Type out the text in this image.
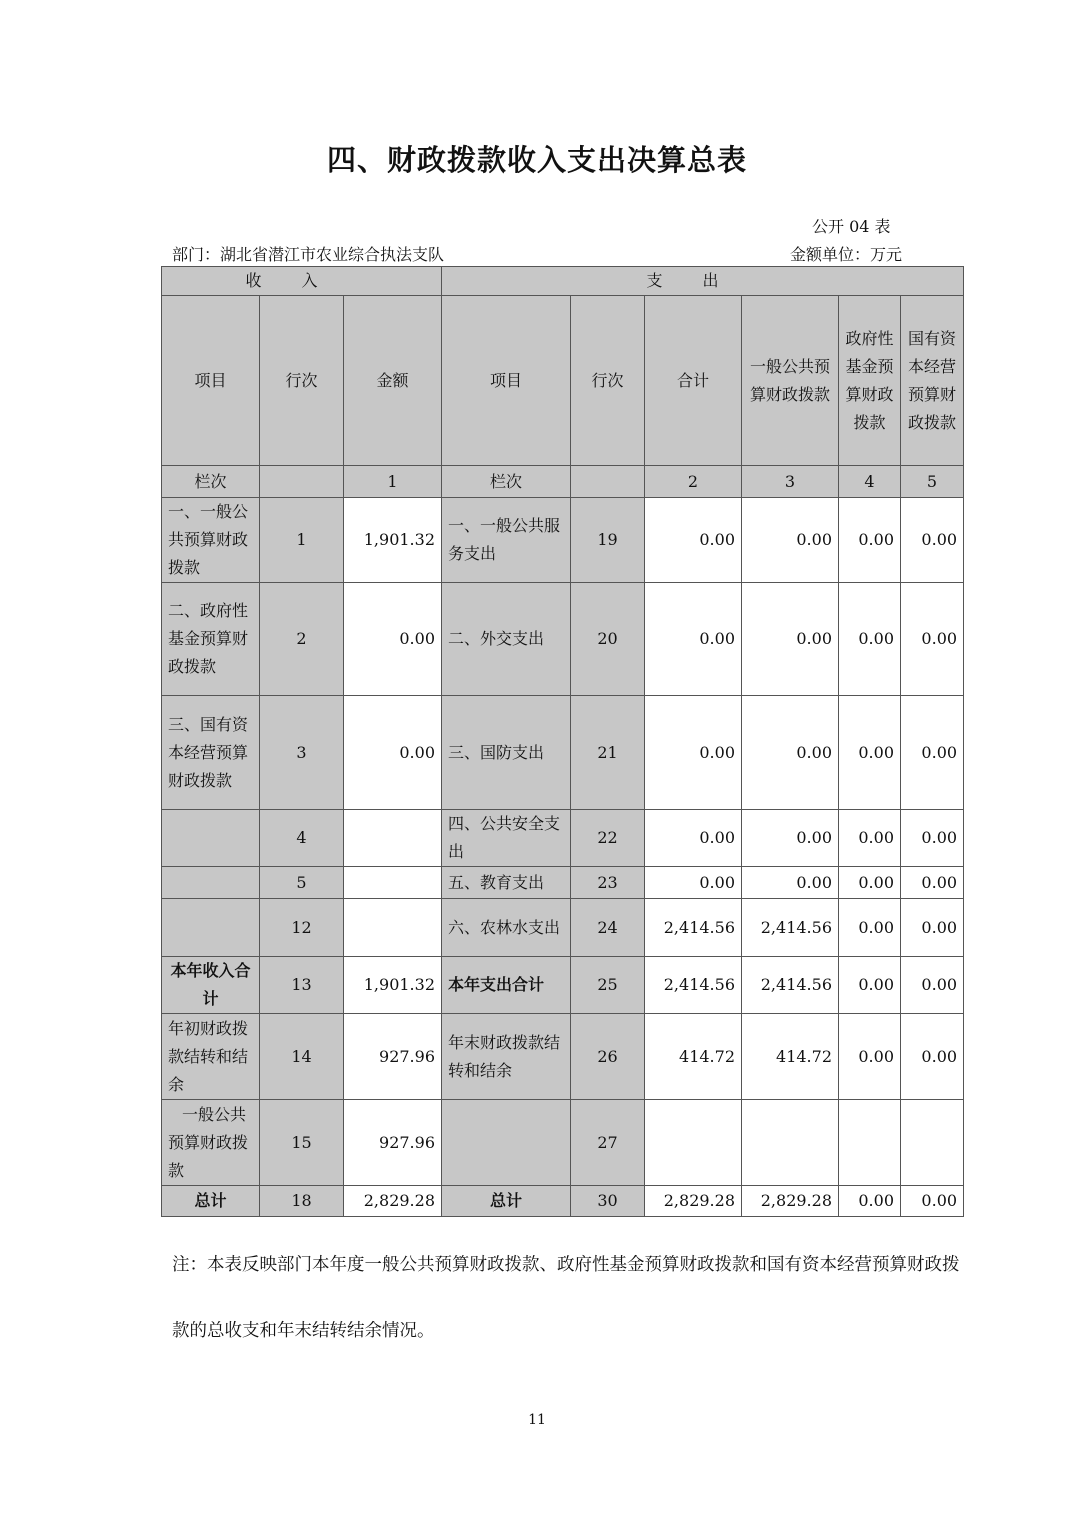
四、财政拨款收入支出决算总表
公开 04 表
部门：湖北省潜江市农业综合执法支队	金额单位：万元
收入			支出					
项目	行次	金额	项目	行次	合计	一般公共预算财政拨款	政府性基金预算财政拨款	国有资本经营预算财政拨款
栏次		1	栏次		2	3	4	5
一、一般公共预算财政拨款	1	1,901.32	一、一般公共服务支出	19	0.00	0.00	0.00	0.00
二、政府性基金预算财政拨款	2	0.00	二、外交支出	20	0.00	0.00	0.00	0.00
三、国有资本经营预算财政拨款	3	0.00	三、国防支出	21	0.00	0.00	0.00	0.00
	4		四、公共安全支出	22	0.00	0.00	0.00	0.00
	5		五、教育支出	23	0.00	0.00	0.00	0.00
	12		六、农林水支出	24	2,414.56	2,414.56	0.00	0.00
本年收入合计	13	1,901.32	本年支出合计	25	2,414.56	2,414.56	0.00	0.00
年初财政拨款结转和结余	14	927.96	年末财政拨款结转和结余	26	414.72	414.72	0.00	0.00
一般公共预算财政拨款	15	927.96		27				
总计	18	2,829.28	总计	30	2,829.28	2,829.28	0.00	0.00
注：本表反映部门本年度一般公共预算财政拨款、政府性基金预算财政拨款和国有资本经营预算财政拨款的总收支和年末结转结余情况。
11
